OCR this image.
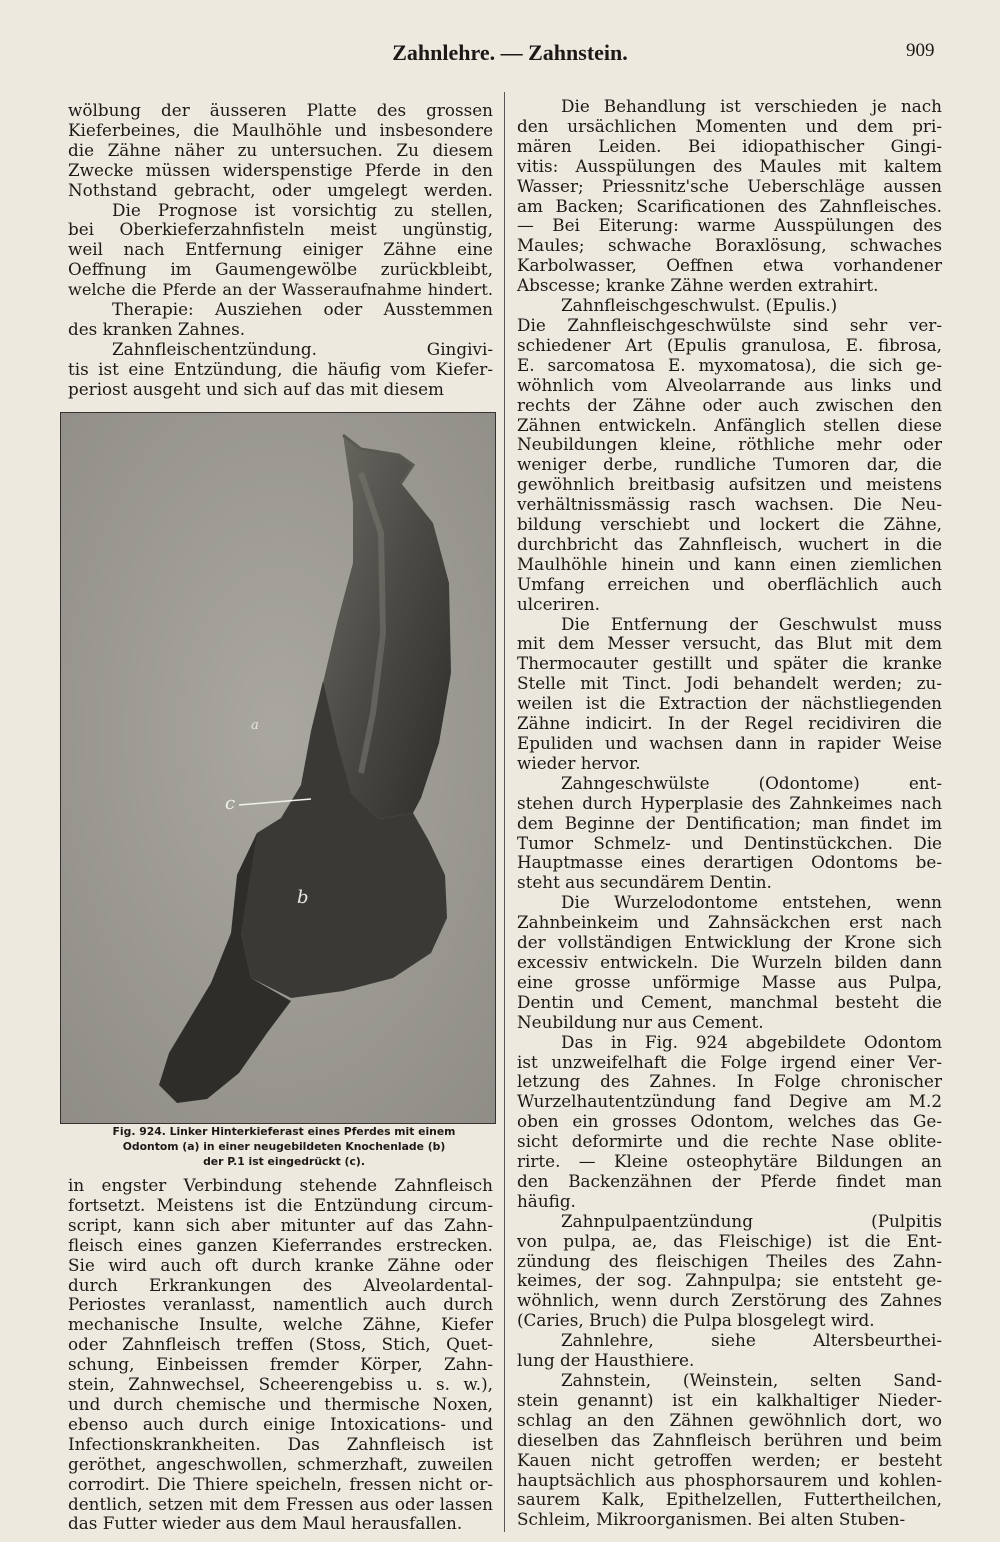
Zahnlehre. — Zahnstein.	909
wölbung der äusseren Platte des grossen
Kieferbeines, die Maulhöhle und insbesondere
die Zähne näher zu untersuchen. Zu diesem
Zwecke müssen widerspenstige Pferde in den
Nothstand gebracht, oder umgelegt werden.
Die Prognose ist vorsichtig zu stellen,
bei Oberkieferzahnfisteln meist ungünstig,
weil nach Entfernung einiger Zähne eine
Oeffnung im Gaumengewölbe zurückbleibt,
welche die Pferde an der Wasseraufnahme hindert.
Therapie: Ausziehen oder Ausstemmen
des kranken Zahnes.
Zahnfleischentzündung. Gingivi-
tis ist eine Entzündung, die häufig vom Kiefer-
periost ausgeht und sich auf das mit diesem
c
b
a
Fig. 924. Linker Hinterkieferast eines Pferdes mit einem
Odontom (a) in einer neugebildeten Knochenlade (b)
der P.1 ist eingedrückt (c).
in engster Verbindung stehende Zahnfleisch
fortsetzt. Meistens ist die Entzündung circum-
script, kann sich aber mitunter auf das Zahn-
fleisch eines ganzen Kieferrandes erstrecken.
Sie wird auch oft durch kranke Zähne oder
durch Erkrankungen des Alveolardental-
Periostes veranlasst, namentlich auch durch
mechanische Insulte, welche Zähne, Kiefer
oder Zahnfleisch treffen (Stoss, Stich, Quet-
schung, Einbeissen fremder Körper, Zahn-
stein, Zahnwechsel, Scheerengebiss u. s. w.),
und durch chemische und thermische Noxen,
ebenso auch durch einige Intoxications- und
Infectionskrankheiten. Das Zahnfleisch ist
geröthet, angeschwollen, schmerzhaft, zuweilen
corrodirt. Die Thiere speicheln, fressen nicht or-
dentlich, setzen mit dem Fressen aus oder lassen
das Futter wieder aus dem Maul herausfallen.
Die Behandlung ist verschieden je nach
den ursächlichen Momenten und dem pri-
mären Leiden. Bei idiopathischer Gingi-
vitis: Ausspülungen des Maules mit kaltem
Wasser; Priessnitz'sche Ueberschläge aussen
am Backen; Scarificationen des Zahnfleisches.
— Bei Eiterung: warme Ausspülungen des
Maules; schwache Boraxlösung, schwaches
Karbolwasser, Oeffnen etwa vorhandener
Abscesse; kranke Zähne werden extrahirt.
Zahnfleischgeschwulst. (Epulis.)
Die Zahnfleischgeschwülste sind sehr ver-
schiedener Art (Epulis granulosa, E. fibrosa,
E. sarcomatosa E. myxomatosa), die sich ge-
wöhnlich vom Alveolarrande aus links und
rechts der Zähne oder auch zwischen den
Zähnen entwickeln. Anfänglich stellen diese
Neubildungen kleine, röthliche mehr oder
weniger derbe, rundliche Tumoren dar, die
gewöhnlich breitbasig aufsitzen und meistens
verhältnissmässig rasch wachsen. Die Neu-
bildung verschiebt und lockert die Zähne,
durchbricht das Zahnfleisch, wuchert in die
Maulhöhle hinein und kann einen ziemlichen
Umfang erreichen und oberflächlich auch
ulceriren.
Die Entfernung der Geschwulst muss
mit dem Messer versucht, das Blut mit dem
Thermocauter gestillt und später die kranke
Stelle mit Tinct. Jodi behandelt werden; zu-
weilen ist die Extraction der nächstliegenden
Zähne indicirt. In der Regel recidiviren die
Epuliden und wachsen dann in rapider Weise
wieder hervor.
Zahngeschwülste (Odontome) ent-
stehen durch Hyperplasie des Zahnkeimes nach
dem Beginne der Dentification; man findet im
Tumor Schmelz- und Dentinstückchen. Die
Hauptmasse eines derartigen Odontoms be-
steht aus secundärem Dentin.
Die Wurzelodontome entstehen, wenn
Zahnbeinkeim und Zahnsäckchen erst nach
der vollständigen Entwicklung der Krone sich
excessiv entwickeln. Die Wurzeln bilden dann
eine grosse unförmige Masse aus Pulpa,
Dentin und Cement, manchmal besteht die
Neubildung nur aus Cement.
Das in Fig. 924 abgebildete Odontom
ist unzweifelhaft die Folge irgend einer Ver-
letzung des Zahnes. In Folge chronischer
Wurzelhautentzündung fand Degive am M.2
oben ein grosses Odontom, welches das Ge-
sicht deformirte und die rechte Nase oblite-
rirte. — Kleine osteophytäre Bildungen an
den Backenzähnen der Pferde findet man
häufig.
Zahnpulpaentzündung (Pulpitis
von pulpa, ae, das Fleischige) ist die Ent-
zündung des fleischigen Theiles des Zahn-
keimes, der sog. Zahnpulpa; sie entsteht ge-
wöhnlich, wenn durch Zerstörung des Zahnes
(Caries, Bruch) die Pulpa blosgelegt wird.
Zahnlehre, siehe Altersbeurthei-
lung der Hausthiere.
Zahnstein, (Weinstein, selten Sand-
stein genannt) ist ein kalkhaltiger Nieder-
schlag an den Zähnen gewöhnlich dort, wo
dieselben das Zahnfleisch berühren und beim
Kauen nicht getroffen werden; er besteht
hauptsächlich aus phosphorsaurem und kohlen-
saurem Kalk, Epithelzellen, Futtertheilchen,
Schleim, Mikroorganismen. Bei alten Stuben-
